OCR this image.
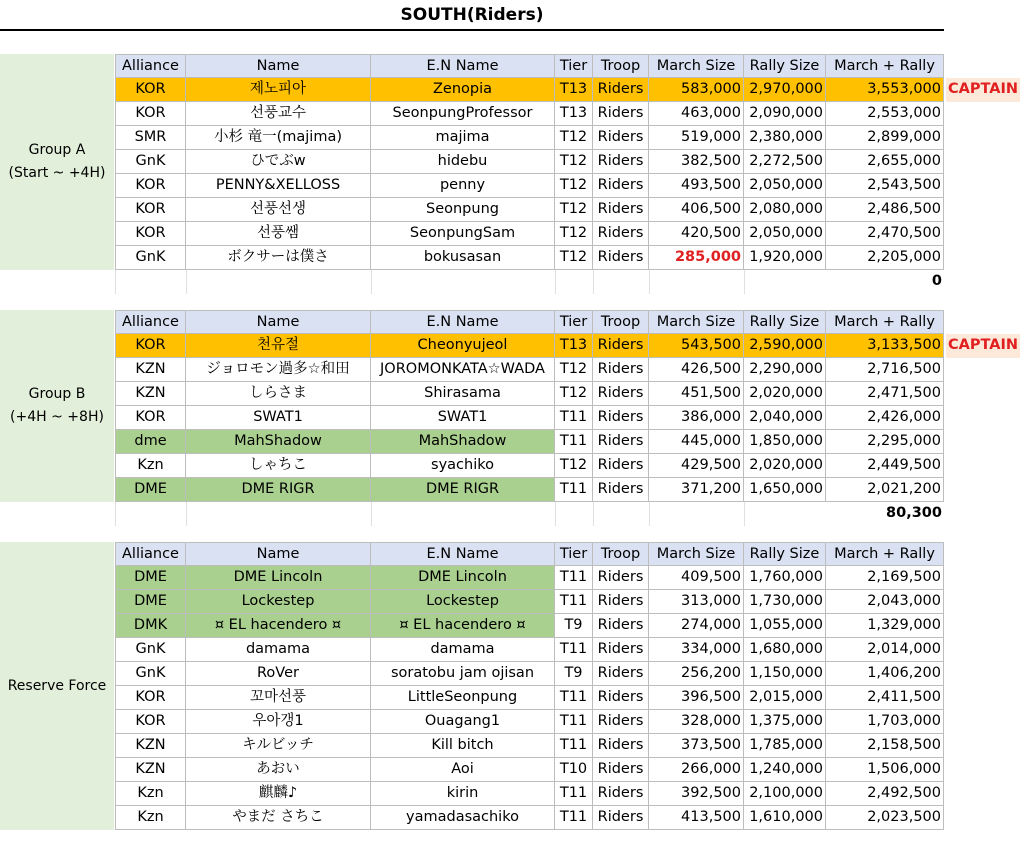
SOUTH(Riders)
Group A
(Start ~ +4H)
Alliance	Name	E.N Name	Tier Troop	March Size Rally Size	March + Rally
KOR	제노피아	Zenopia	T13 Riders	583,000 2,970,000	3,553,000 CAPTAIN
KOR	선풍교수	SeonpungProfessor	T13 Riders	463,000 2,090,000	2,553,000
SMR	小杉 竜一(majima)	majima	T12 Riders	519,000 2,380,000	2,899,000
GnK	ひでぶw	hidebu	T12 Riders	382,500 2,272,500	2,655,000
KOR	PENNY&XELLOSS	penny	T12 Riders	493,500 2,050,000	2,543,500
KOR	선풍선생	Seonpung	T12 Riders	406,500 2,080,000	2,486,500
KOR	선풍쌤	SeonpungSam	T12 Riders	420,500 2,050,000	2,470,500
GnK	ボクサーは僕さ	bokusasan	T12 Riders	285,000 1,920,000	2,205,000
0
Group B
(+4H ~ +8H)
Alliance	Name	E.N Name	Tier Troop	March Size Rally Size	March + Rally
KOR	천유절	Cheonyujeol	T13 Riders	543,500 2,590,000	3,133,500 CAPTAIN
KZN	ジョロモン過多☆和田	JOROMONKATA☆WADA	T12 Riders	426,500 2,290,000	2,716,500
KZN	しらさま	Shirasama	T12 Riders	451,500 2,020,000	2,471,500
KOR	SWAT1	SWAT1	T11 Riders	386,000 2,040,000	2,426,000
dme	MahShadow	MahShadow	T11 Riders	445,000 1,850,000	2,295,000
Kzn	しゃちこ	syachiko	T12 Riders	429,500 2,020,000	2,449,500
DME	DME RIGR	DME RIGR	T11 Riders	371,200 1,650,000	2,021,200
80,300
Reserve Force
Alliance	Name	E.N Name	Tier Troop	March Size Rally Size	March + Rally
DME	DME Lincoln	DME Lincoln	T11 Riders	409,500 1,760,000	2,169,500
DME	Lockestep	Lockestep	T11 Riders	313,000 1,730,000	2,043,000
DMK	¤ EL hacendero ¤	¤ EL hacendero ¤	T9	Riders	274,000 1,055,000	1,329,000
GnK	damama	damama	T11 Riders	334,000 1,680,000	2,014,000
GnK	RoVer	soratobu jam ojisan	T9	Riders	256,200 1,150,000	1,406,200
KOR	꼬마선풍	LittleSeonpung	T11 Riders	396,500 2,015,000	2,411,500
KOR	우아갱1	Ouagang1	T11 Riders	328,000 1,375,000	1,703,000
KZN	キルビッチ	Kill bitch	T11 Riders	373,500 1,785,000	2,158,500
KZN	あおい	Aoi	T10 Riders	266,000 1,240,000	1,506,000
Kzn	麒麟♪	kirin	T11 Riders	392,500 2,100,000	2,492,500
Kzn	やまだ さちこ	yamadasachiko	T11 Riders	413,500 1,610,000	2,023,500
